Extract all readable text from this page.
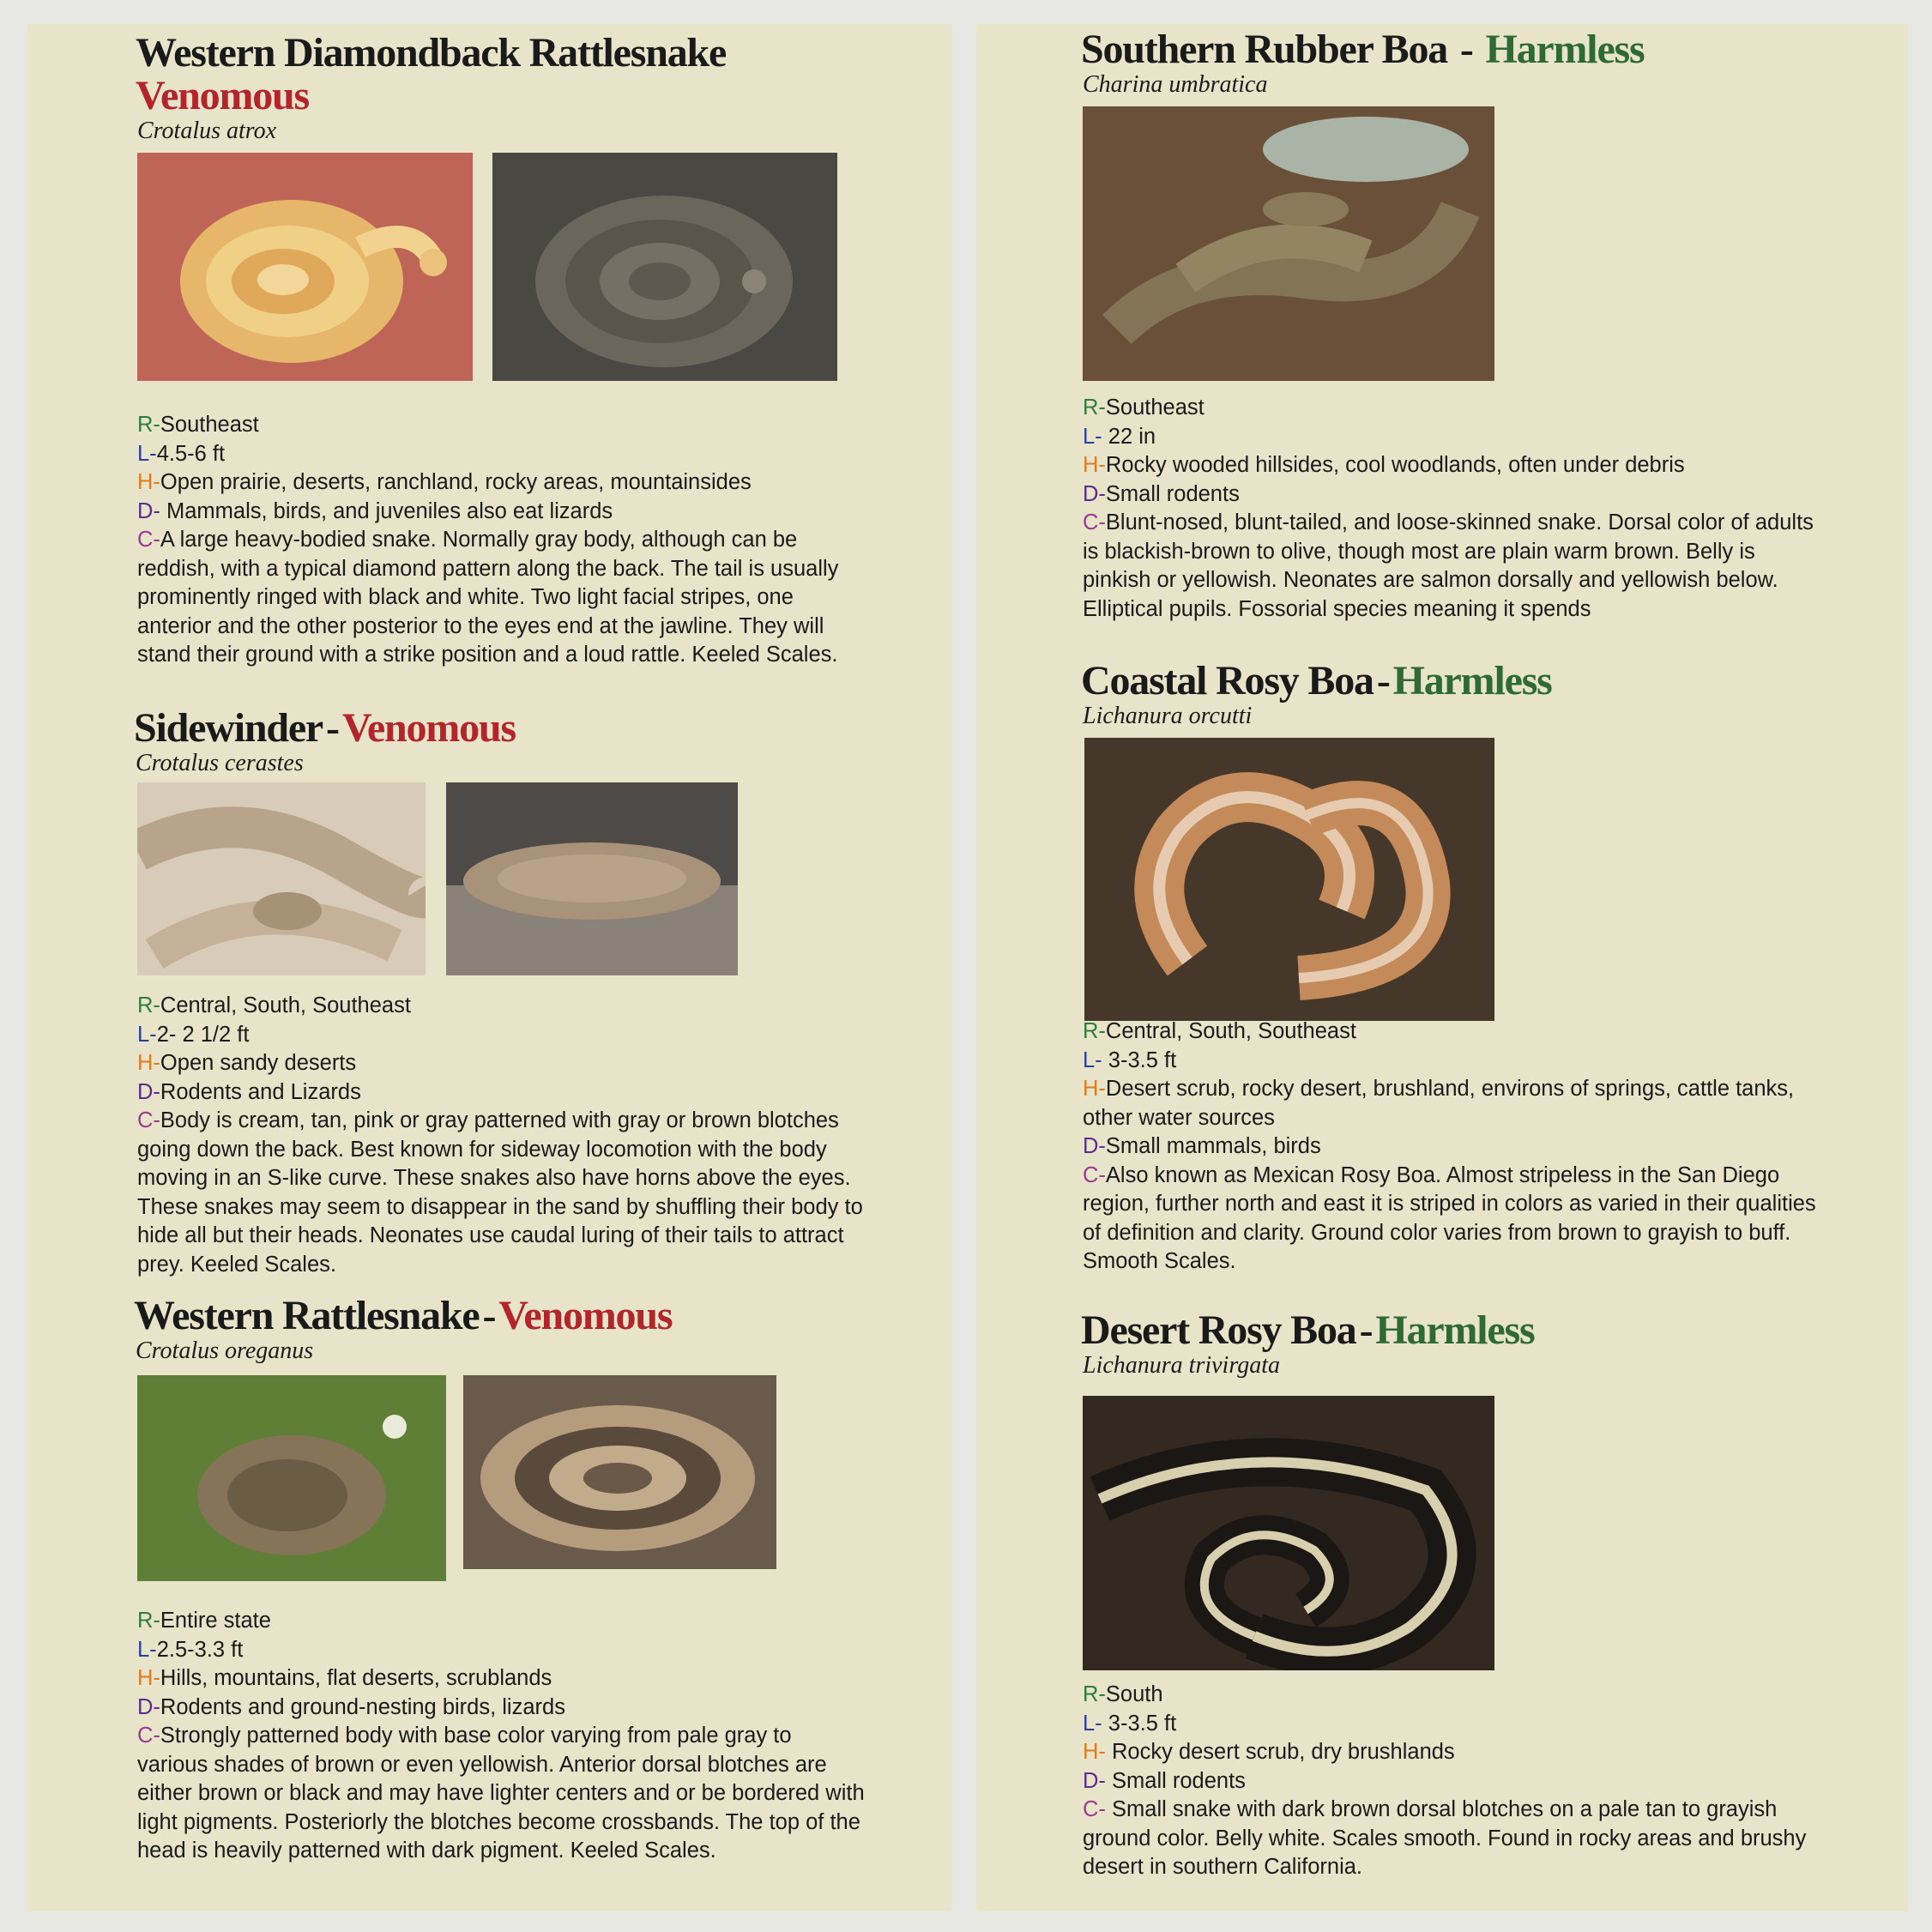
Western Diamondback Rattlesnake
Venomous
Crotalus atrox

R-Southeast

L-4.5-6 ft

H-Open prairie, deserts, ranchland, rocky areas, mountainsides

D- Mammals, birds, and juveniles also eat lizards

C-A large heavy-bodied snake. Normally gray body, although can be reddish, with a typical diamond pattern along the back. The tail is usually prominently ringed with black and white. Two light facial stripes, one anterior and the other posterior to the eyes end at the jawline. They will stand their ground with a strike position and a loud rattle. Keeled Scales.

Sidewinder-Venomous
Crotalus cerastes

R-Central, South, Southeast

L-2- 2 1/2 ft

H-Open sandy deserts

D-Rodents and Lizards

C-Body is cream, tan, pink or gray patterned with gray or brown blotches going down the back. Best known for sideway locomotion with the body moving in an S-like curve. These snakes also have horns above the eyes. These snakes may seem to disappear in the sand by shuffling their body to hide all but their heads. Neonates use caudal luring of their tails to attract prey. Keeled Scales.

Western Rattlesnake-Venomous
Crotalus oreganus

R-Entire state

L-2.5-3.3 ft

H-Hills, mountains, flat deserts, scrublands

D-Rodents and ground-nesting birds, lizards

C-Strongly patterned body with base color varying from pale gray to various shades of brown or even yellowish. Anterior dorsal blotches are either brown or black and may have lighter centers and or be bordered with light pigments. Posteriorly the blotches become crossbands. The top of the head is heavily patterned with dark pigment. Keeled Scales.

Southern Rubber Boa - Harmless
Charina umbratica

R-Southeast

L- 22 in

H-Rocky wooded hillsides, cool woodlands, often under debris

D-Small rodents

C-Blunt-nosed, blunt-tailed, and loose-skinned snake. Dorsal color of adults is blackish-brown to olive, though most are plain warm brown. Belly is pinkish or yellowish. Neonates are salmon dorsally and yellowish below. Elliptical pupils. Fossorial species meaning it spends

Coastal Rosy Boa-Harmless
Lichanura orcutti

R-Central, South, Southeast

L- 3-3.5 ft

H-Desert scrub, rocky desert, brushland, environs of springs, cattle tanks, other water sources

D-Small mammals, birds

C-Also known as Mexican Rosy Boa. Almost stripeless in the San Diego region, further north and east it is striped in colors as varied in their qualities of definition and clarity. Ground color varies from brown to grayish to buff. Smooth Scales.

Desert Rosy Boa-Harmless
Lichanura trivirgata

R-South

L- 3-3.5 ft

H- Rocky desert scrub, dry brushlands

D- Small rodents

C- Small snake with dark brown dorsal blotches on a pale tan to grayish ground color. Belly white. Scales smooth. Found in rocky areas and brushy desert in southern California.
